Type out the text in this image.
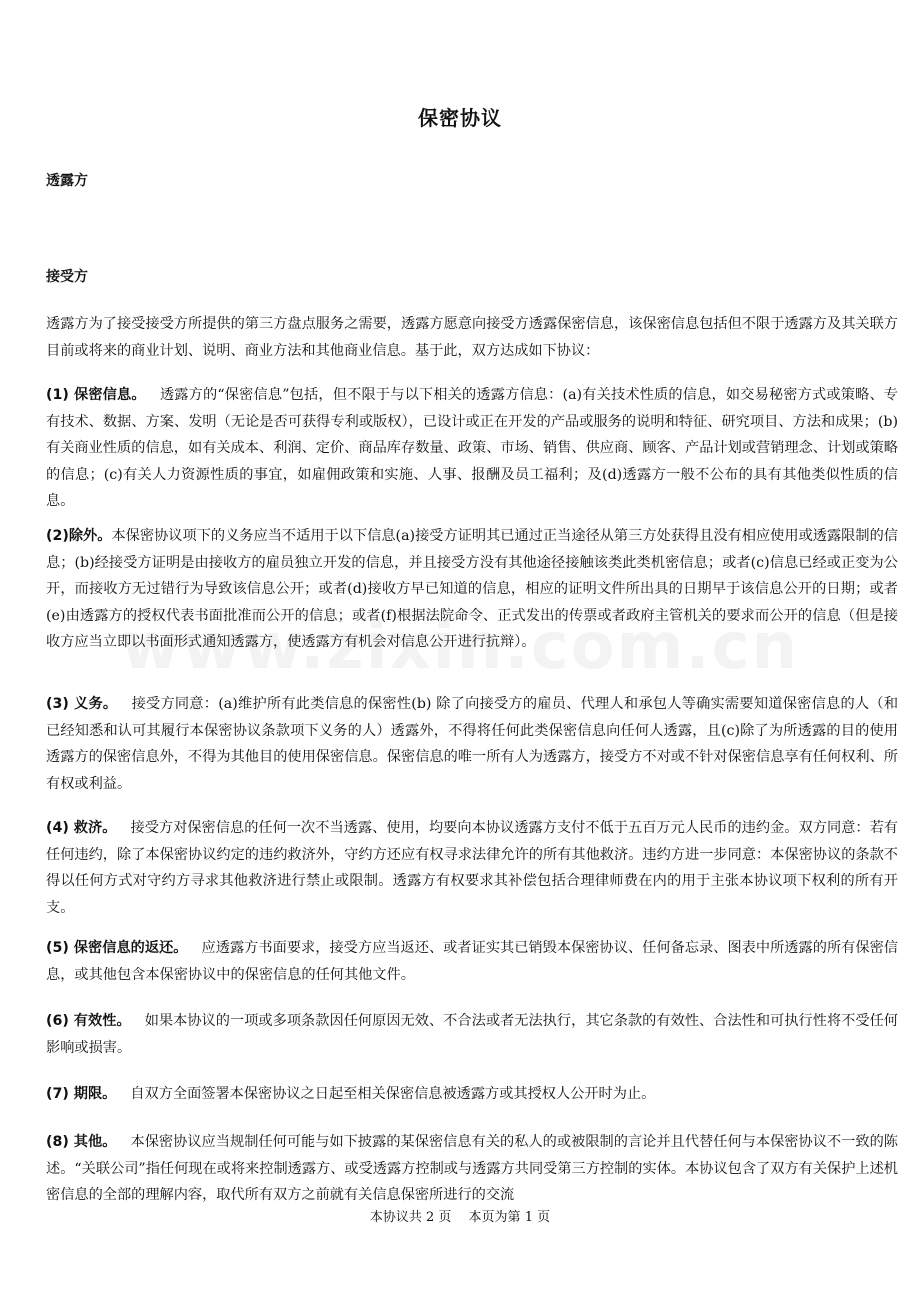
保密协议
透露方
接受方
透露方为了接受接受方所提供的第三方盘点服务之需要，透露方愿意向接受方透露保密信息，该保密信息包括但不限于透露方及其关联方目前或将来的商业计划、说明、商业方法和其他商业信息。基于此，双方达成如下协议：
(1) 保密信息。 透露方的“保密信息”包括，但不限于与以下相关的透露方信息：(a)有关技术性质的信息，如交易秘密方式或策略、专有技术、数据、方案、发明（无论是否可获得专利或版权），已设计或正在开发的产品或服务的说明和特征、研究项目、方法和成果；(b)有关商业性质的信息，如有关成本、利润、定价、商品库存数量、政策、市场、销售、供应商、顾客、产品计划或营销理念、计划或策略的信息；(c)有关人力资源性质的事宜，如雇佣政策和实施、人事、报酬及员工福利；及(d)透露方一般不公布的具有其他类似性质的信息。
(2)除外。本保密协议项下的义务应当不适用于以下信息(a)接受方证明其已通过正当途径从第三方处获得且没有相应使用或透露限制的信息；(b)经接受方证明是由接收方的雇员独立开发的信息，并且接受方没有其他途径接触该类此类机密信息；或者(c)信息已经或正变为公开，而接收方无过错行为导致该信息公开；或者(d)接收方早已知道的信息，相应的证明文件所出具的日期早于该信息公开的日期；或者(e)由透露方的授权代表书面批准而公开的信息；或者(f)根据法院命令、正式发出的传票或者政府主管机关的要求而公开的信息（但是接收方应当立即以书面形式通知透露方，使透露方有机会对信息公开进行抗辩）。
(3) 义务。 接受方同意：(a)维护所有此类信息的保密性(b) 除了向接受方的雇员、代理人和承包人等确实需要知道保密信息的人（和已经知悉和认可其履行本保密协议条款项下义务的人）透露外，不得将任何此类保密信息向任何人透露，且(c)除了为所透露的目的使用透露方的保密信息外，不得为其他目的使用保密信息。保密信息的唯一所有人为透露方，接受方不对或不针对保密信息享有任何权利、所有权或利益。
(4) 救济。 接受方对保密信息的任何一次不当透露、使用，均要向本协议透露方支付不低于五百万元人民币的违约金。双方同意：若有任何违约，除了本保密协议约定的违约救济外，守约方还应有权寻求法律允许的所有其他救济。违约方进一步同意：本保密协议的条款不得以任何方式对守约方寻求其他救济进行禁止或限制。透露方有权要求其补偿包括合理律师费在内的用于主张本协议项下权利的所有开支。
(5) 保密信息的返还。 应透露方书面要求，接受方应当返还、或者证实其已销毁本保密协议、任何备忘录、图表中所透露的所有保密信息，或其他包含本保密协议中的保密信息的任何其他文件。
(6) 有效性。 如果本协议的一项或多项条款因任何原因无效、不合法或者无法执行，其它条款的有效性、合法性和可执行性将不受任何影响或损害。
(7) 期限。 自双方全面签署本保密协议之日起至相关保密信息被透露方或其授权人公开时为止。
(8) 其他。 本保密协议应当规制任何可能与如下披露的某保密信息有关的私人的或被限制的言论并且代替任何与本保密协议不一致的陈述。“关联公司”指任何现在或将来控制透露方、或受透露方控制或与透露方共同受第三方控制的实体。本协议包含了双方有关保护上述机密信息的全部的理解内容，取代所有双方之前就有关信息保密所进行的交流
本协议共 2 页　 本页为第 1 页
